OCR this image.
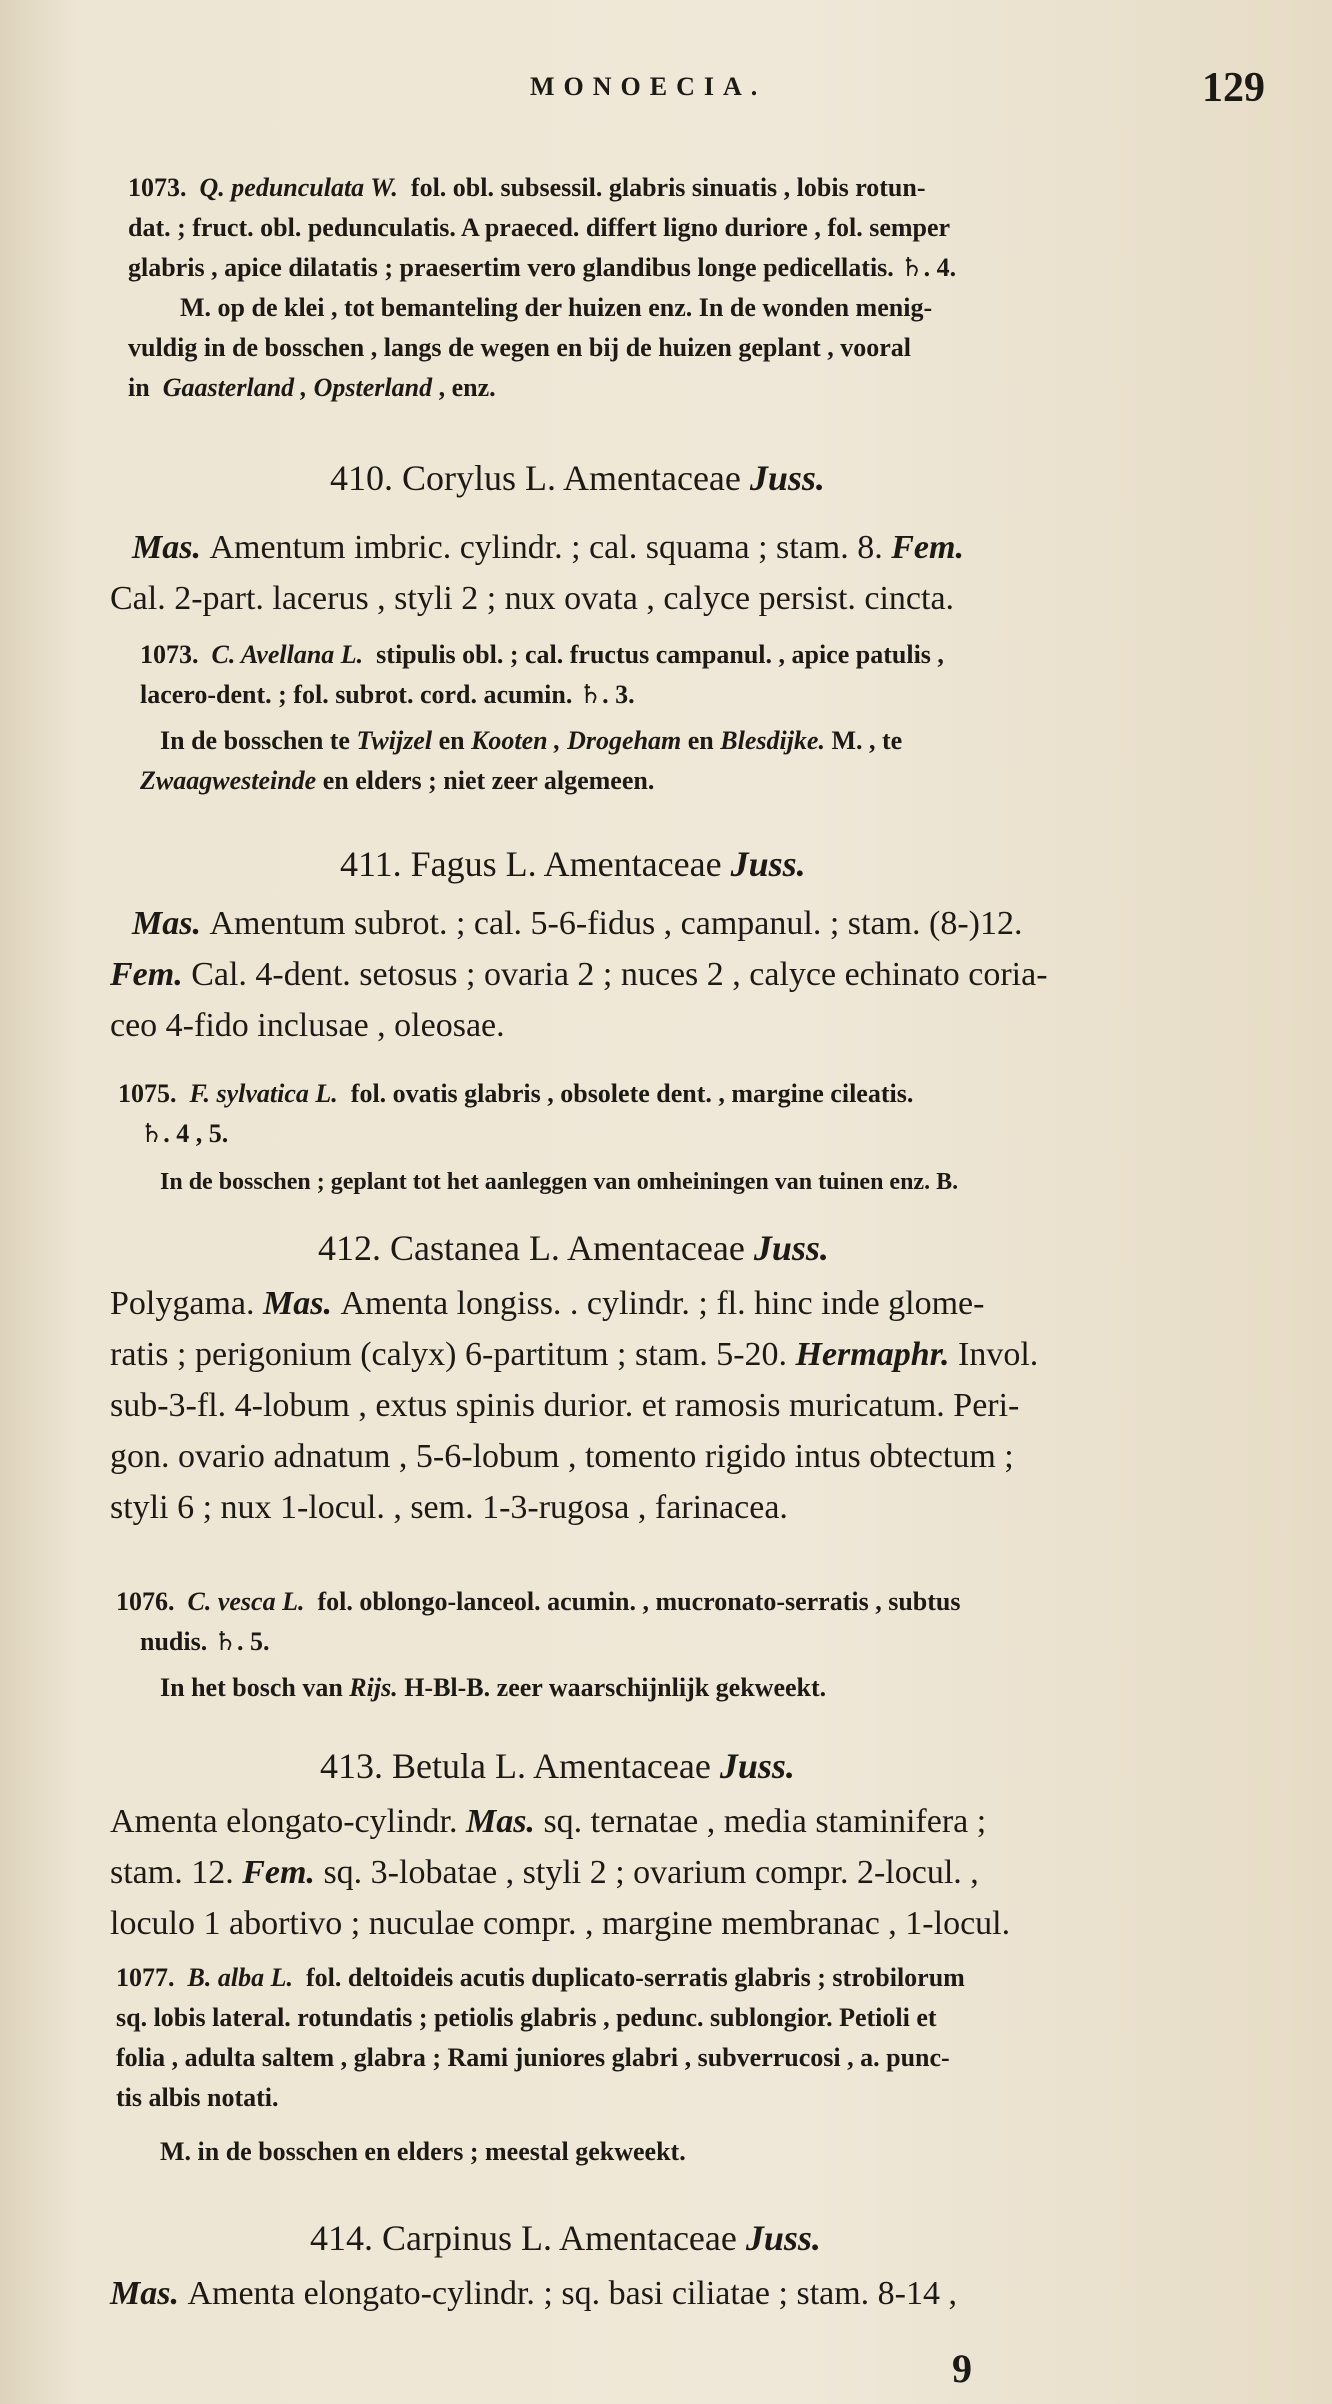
MONOECIA.	129
1073. Q. pedunculata W. fol. obl. subsessil. glabris sinuatis , lobis rotun-
dat. ; fruct. obl. pedunculatis. A praeced. differt ligno duriore , fol. semper
glabris , apice dilatatis ; praesertim vero glandibus longe pedicellatis. ♄. 4.
M. op de klei , tot bemanteling der huizen enz. In de wonden menig-
vuldig in de bosschen , langs de wegen en bij de huizen geplant , vooral
in Gaasterland , Opsterland , enz.
410. Corylus L. Amentaceae Juss.
Mas. Amentum imbric. cylindr. ; cal. squama ; stam. 8. Fem.
Cal. 2-part. lacerus , styli 2 ; nux ovata , calyce persist. cincta.
1073. C. Avellana L. stipulis obl. ; cal. fructus campanul. , apice patulis ,
lacero-dent. ; fol. subrot. cord. acumin. ♄. 3.
In de bosschen te Twijzel en Kooten , Drogeham en Blesdijke. M. , te
Zwaagwesteinde en elders ; niet zeer algemeen.
411. Fagus L. Amentaceae Juss.
Mas. Amentum subrot. ; cal. 5-6-fidus , campanul. ; stam. (8-)12.
Fem. Cal. 4-dent. setosus ; ovaria 2 ; nuces 2 , calyce echinato coria-
ceo 4-fido inclusae , oleosae.
1075. F. sylvatica L. fol. ovatis glabris , obsolete dent. , margine cileatis.
♄. 4 , 5.
In de bosschen ; geplant tot het aanleggen van omheiningen van tuinen enz. B.
412. Castanea L. Amentaceae Juss.
Polygama. Mas. Amenta longiss. . cylindr. ; fl. hinc inde glome-
ratis ; perigonium (calyx) 6-partitum ; stam. 5-20. Hermaphr. Invol.
sub-3-fl. 4-lobum , extus spinis durior. et ramosis muricatum. Peri-
gon. ovario adnatum , 5-6-lobum , tomento rigido intus obtectum ;
styli 6 ; nux 1-locul. , sem. 1-3-rugosa , farinacea.
1076. C. vesca L. fol. oblongo-lanceol. acumin. , mucronato-serratis , subtus
nudis. ♄. 5.
In het bosch van Rijs. H-Bl-B. zeer waarschijnlijk gekweekt.
413. Betula L. Amentaceae Juss.
Amenta elongato-cylindr. Mas. sq. ternatae , media staminifera ;
stam. 12. Fem. sq. 3-lobatae , styli 2 ; ovarium compr. 2-locul. ,
loculo 1 abortivo ; nuculae compr. , margine membranac , 1-locul.
1077. B. alba L. fol. deltoideis acutis duplicato-serratis glabris ; strobilorum
sq. lobis lateral. rotundatis ; petiolis glabris , pedunc. sublongior. Petioli et
folia , adulta saltem , glabra ; Rami juniores glabri , subverrucosi , a. punc-
tis albis notati.
M. in de bosschen en elders ; meestal gekweekt.
414. Carpinus L. Amentaceae Juss.
Mas. Amenta elongato-cylindr. ; sq. basi ciliatae ; stam. 8-14 ,
9
